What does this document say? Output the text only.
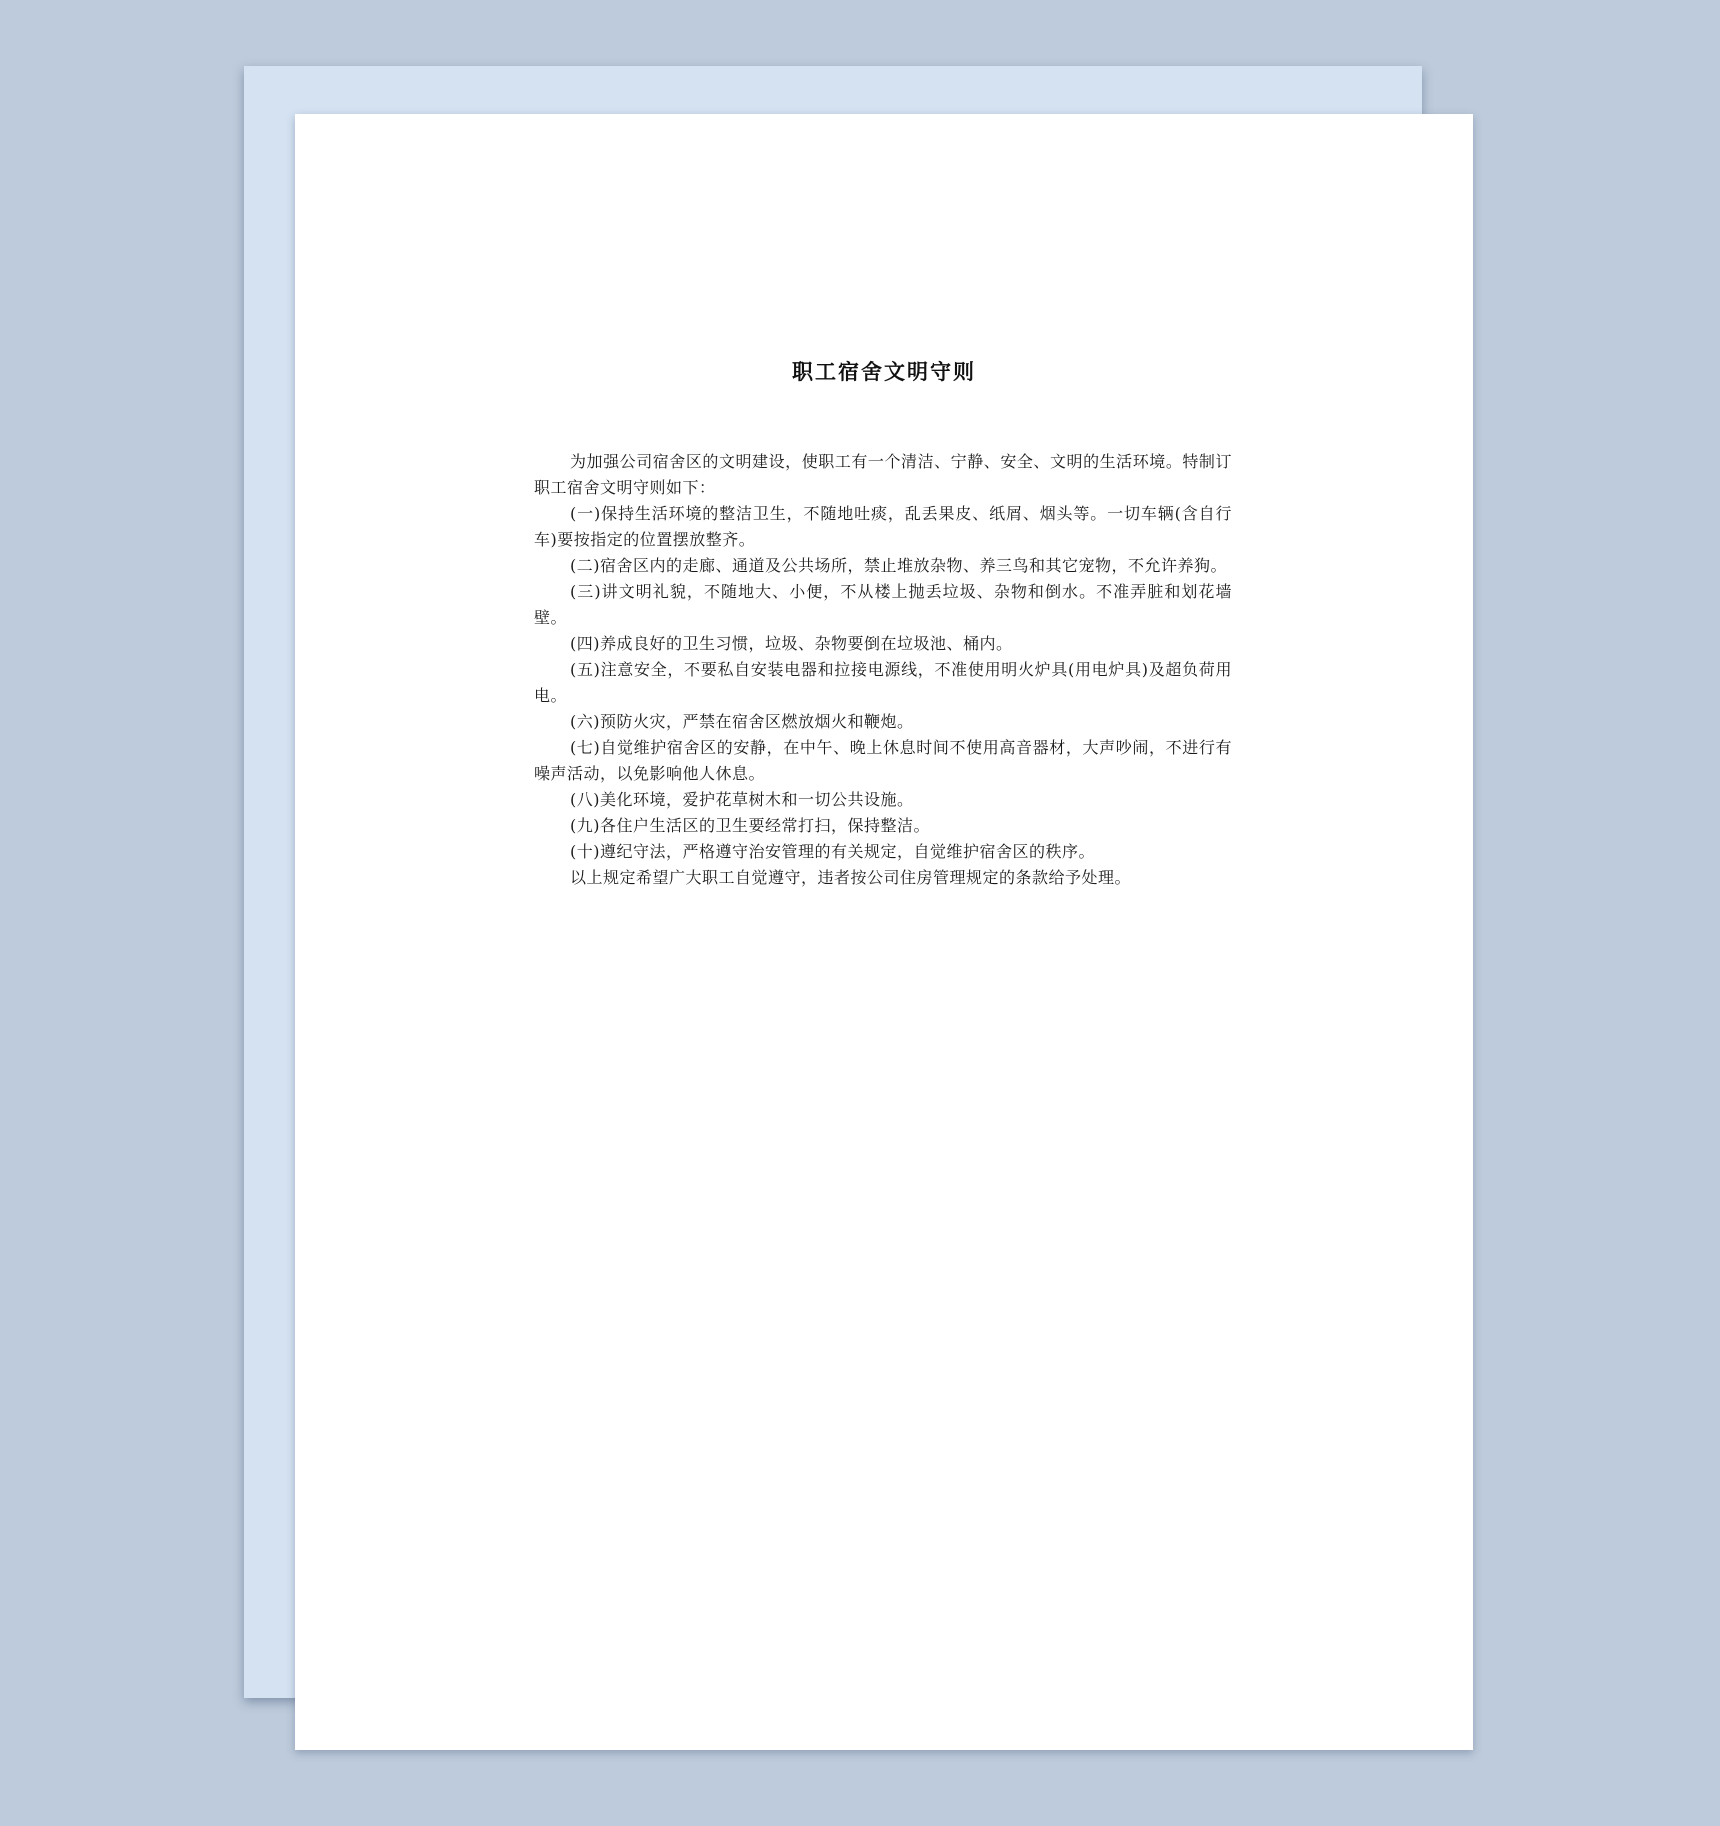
职工宿舍文明守则

为加强公司宿舍区的文明建设，使职工有一个清洁、宁静、安全、文明的生活环境。特制订职工宿舍文明守则如下：

(一)保持生活环境的整洁卫生，不随地吐痰，乱丢果皮、纸屑、烟头等。一切车辆(含自行车)要按指定的位置摆放整齐。

(二)宿舍区内的走廊、通道及公共场所，禁止堆放杂物、养三鸟和其它宠物，不允许养狗。

(三)讲文明礼貌，不随地大、小便，不从楼上抛丢垃圾、杂物和倒水。不准弄脏和划花墙壁。

(四)养成良好的卫生习惯，垃圾、杂物要倒在垃圾池、桶内。

(五)注意安全，不要私自安装电器和拉接电源线，不准使用明火炉具(用电炉具)及超负荷用电。

(六)预防火灾，严禁在宿舍区燃放烟火和鞭炮。

(七)自觉维护宿舍区的安静，在中午、晚上休息时间不使用高音器材，大声吵闹，不进行有噪声活动，以免影响他人休息。

(八)美化环境，爱护花草树木和一切公共设施。

(九)各住户生活区的卫生要经常打扫，保持整洁。

(十)遵纪守法，严格遵守治安管理的有关规定，自觉维护宿舍区的秩序。

以上规定希望广大职工自觉遵守，违者按公司住房管理规定的条款给予处理。
